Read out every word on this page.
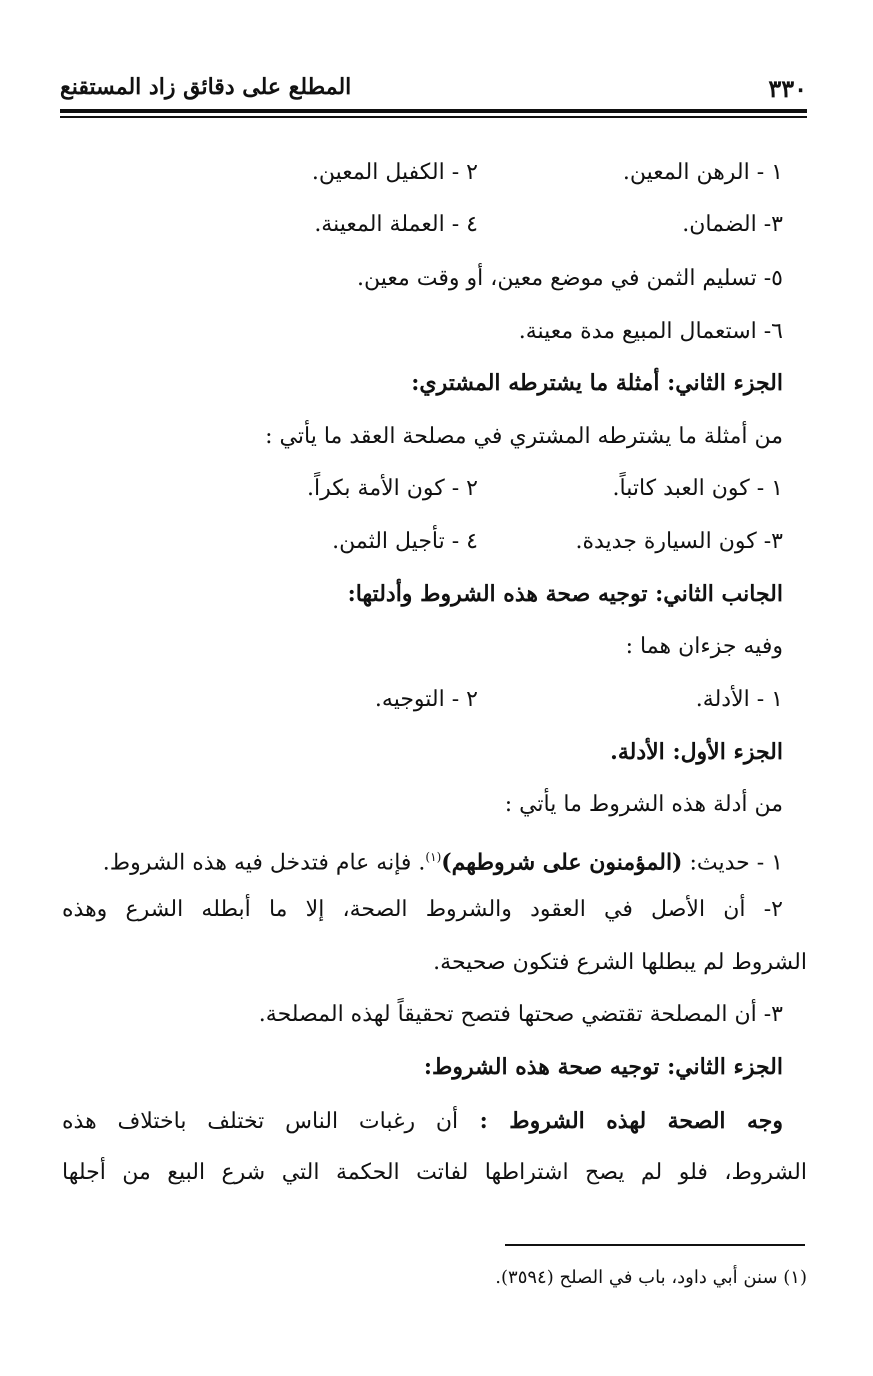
٣٣٠
المطلع على دقائق زاد المستقنع
١ - الرهن المعين.
٢ - الكفيل المعين.
٣- الضمان.
٤ - العملة المعينة.
٥- تسليم الثمن في موضع معين، أو وقت معين.
٦- استعمال المبيع مدة معينة.
الجزء الثاني: أمثلة ما يشترطه المشتري:
من أمثلة ما يشترطه المشتري في مصلحة العقد ما يأتي :
١ - كون العبد كاتباً.
٢ - كون الأمة بكراً.
٣- كون السيارة جديدة.
٤ - تأجيل الثمن.
الجانب الثاني: توجيه صحة هذه الشروط وأدلتها:
وفيه جزءان هما :
١ - الأدلة.
٢ - التوجيه.
الجزء الأول: الأدلة.
من أدلة هذه الشروط ما يأتي :
١ - حديث: (المؤمنون على شروطهم)$^{(١)}$. فإنه عام فتدخل فيه هذه الشروط.
٢- أن الأصل في العقود والشروط الصحة، إلا ما أبطله الشرع وهذه
الشروط لم يبطلها الشرع فتكون صحيحة.
٣- أن المصلحة تقتضي صحتها فتصح تحقيقاً لهذه المصلحة.
الجزء الثاني: توجيه صحة هذه الشروط:
وجه الصحة لهذه الشروط : أن رغبات الناس تختلف باختلاف هذه
الشروط، فلو لم يصح اشتراطها لفاتت الحكمة التي شرع البيع من أجلها
(١) سنن أبي داود، باب في الصلح (٣٥٩٤).
